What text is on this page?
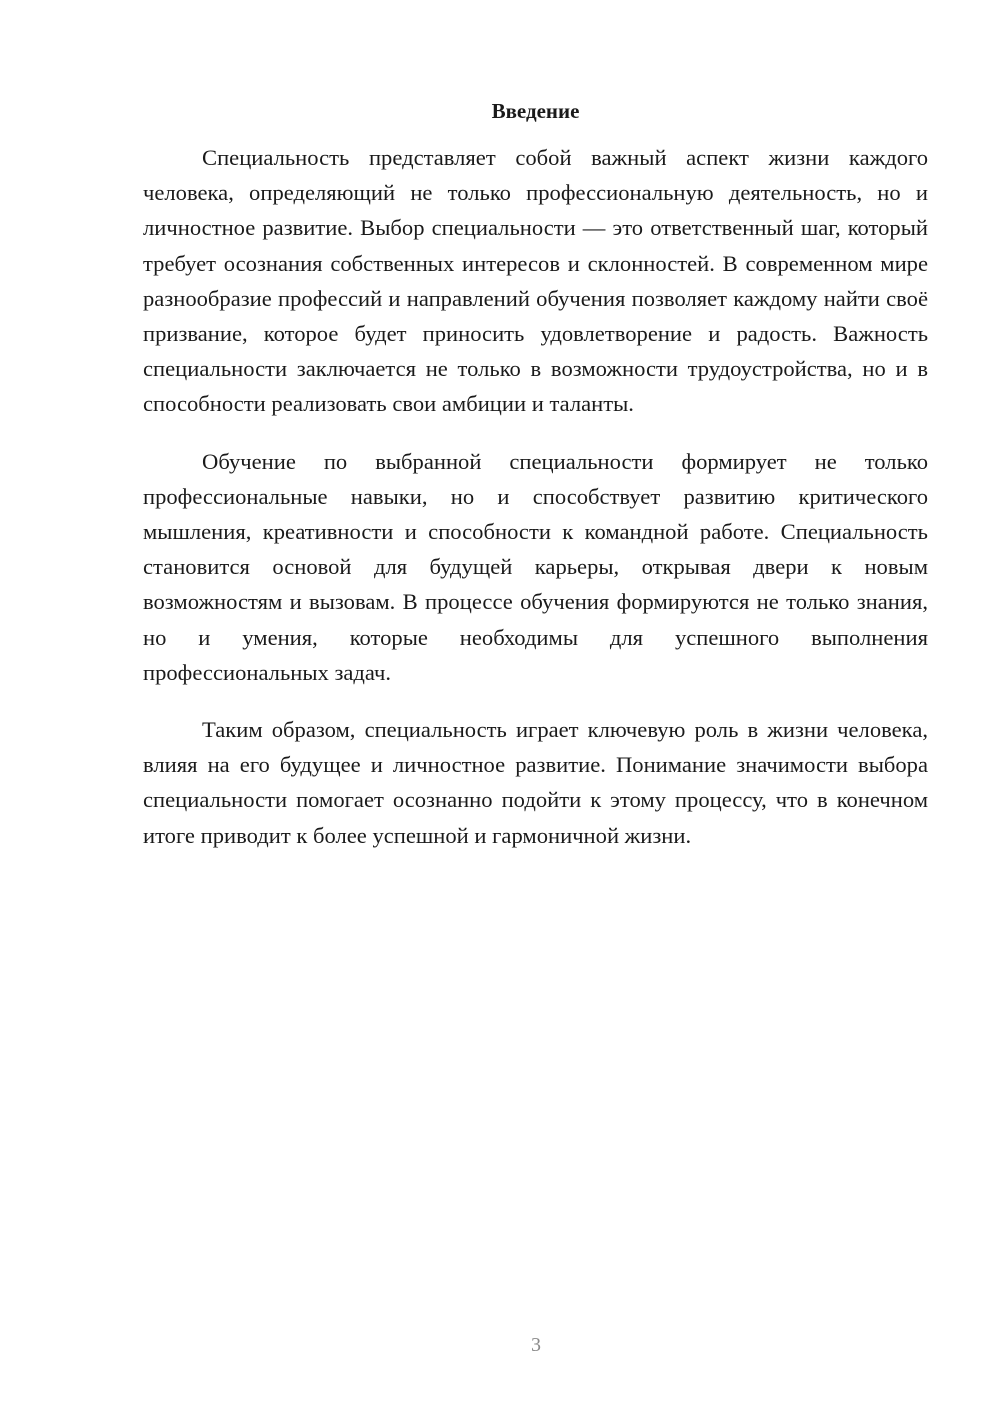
Введение

Специальность представляет собой важный аспект жизни каждого человека, определяющий не только профессиональную деятельность, но и личностное развитие. Выбор специальности — это ответственный шаг, который требует осознания собственных интересов и склонностей. В современном мире разнообразие профессий и направлений обучения позволяет каждому найти своё призвание, которое будет приносить удовлетворение и радость. Важность специальности заключается не только в возможности трудоустройства, но и в способности реализовать свои амбиции и таланты.

Обучение по выбранной специальности формирует не только профессиональные навыки, но и способствует развитию критического мышления, креативности и способности к командной работе. Специальность становится основой для будущей карьеры, открывая двери к новым возможностям и вызовам. В процессе обучения формируются не только знания, но и умения, которые необходимы для успешного выполнения профессиональных задач.

Таким образом, специальность играет ключевую роль в жизни человека, влияя на его будущее и личностное развитие. Понимание значимости выбора специальности помогает осознанно подойти к этому процессу, что в конечном итоге приводит к более успешной и гармоничной жизни.

3
